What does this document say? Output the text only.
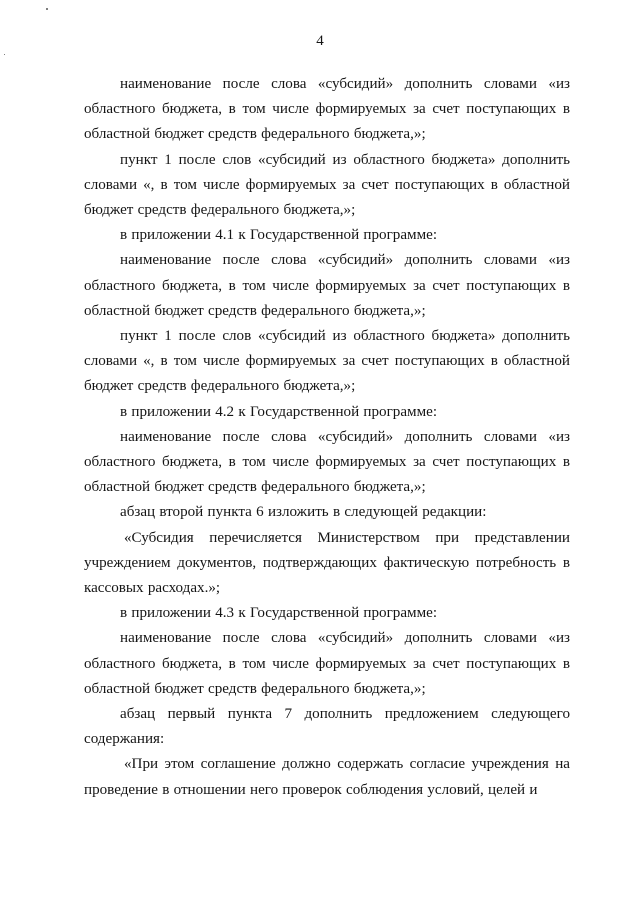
4

наименование после слова «субсидий» дополнить словами «из областного бюджета, в том числе формируемых за счет поступающих в областной бюджет средств федерального бюджета,»;

пункт 1 после слов «субсидий из областного бюджета» дополнить словами «, в том числе формируемых за счет поступающих в областной бюджет средств федерального бюджета,»;

в приложении 4.1 к Государственной программе:

наименование после слова «субсидий» дополнить словами «из областного бюджета, в том числе формируемых за счет поступающих в областной бюджет средств федерального бюджета,»;

пункт 1 после слов «субсидий из областного бюджета» дополнить словами «, в том числе формируемых за счет поступающих в областной бюджет средств федерального бюджета,»;

в приложении 4.2 к Государственной программе:

наименование после слова «субсидий» дополнить словами «из областного бюджета, в том числе формируемых за счет поступающих в областной бюджет средств федерального бюджета,»;

абзац второй пункта 6 изложить в следующей редакции:

«Субсидия перечисляется Министерством при представлении учреждением документов, подтверждающих фактическую потребность в кассовых расходах.»;

в приложении 4.3 к Государственной программе:

наименование после слова «субсидий» дополнить словами «из областного бюджета, в том числе формируемых за счет поступающих в областной бюджет средств федерального бюджета,»;

абзац первый пункта 7 дополнить предложением следующего содержания:

«При этом соглашение должно содержать согласие учреждения на проведение в отношении него проверок соблюдения условий, целей и
